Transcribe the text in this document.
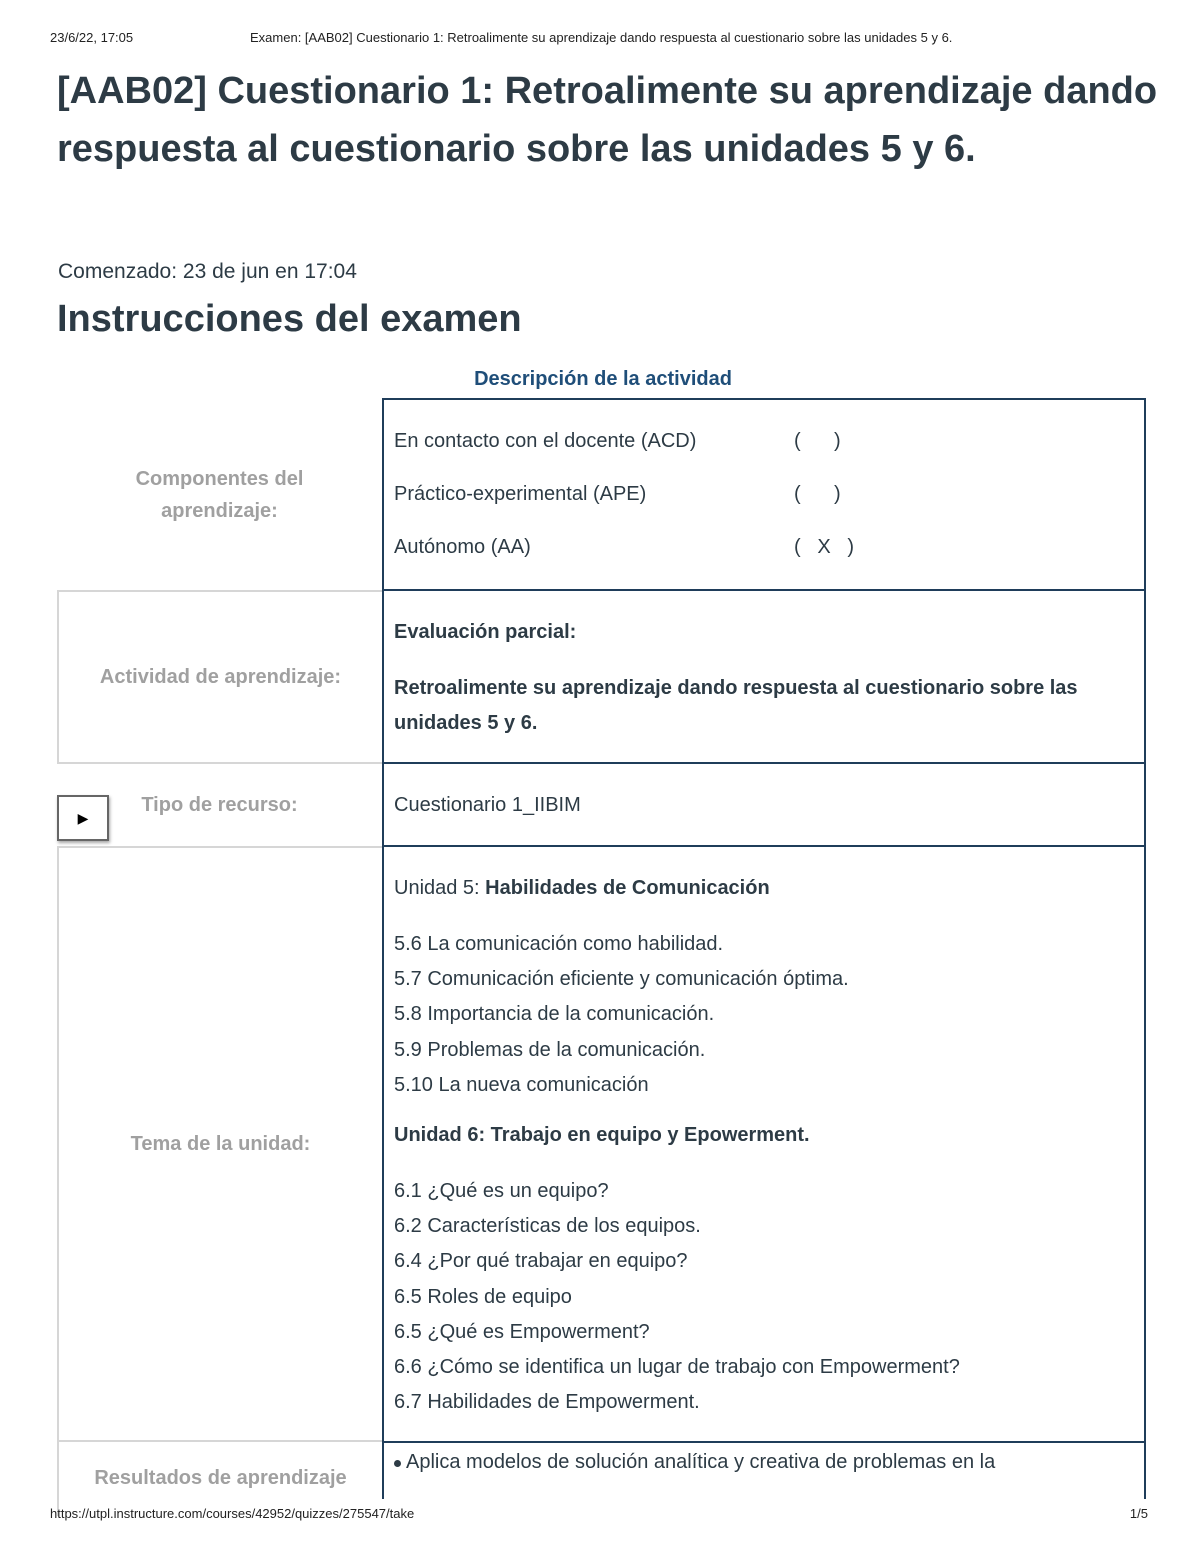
23/6/22, 17:05	Examen: [AAB02] Cuestionario 1: Retroalimente su aprendizaje dando respuesta al cuestionario sobre las unidades 5 y 6.
[AAB02] Cuestionario 1: Retroalimente su aprendizaje dando respuesta al cuestionario sobre las unidades 5 y 6.
Comenzado: 23 de jun en 17:04
Instrucciones del examen
Descripción de la actividad
Componentes del aprendizaje:
En contacto con el docente (ACD)	(      )
Práctico-experimental (APE)	(      )
Autónomo (AA)	(   X   )
Actividad de aprendizaje:
Evaluación parcial:
Retroalimente su aprendizaje dando respuesta al cuestionario sobre las unidades 5 y 6.
Tipo de recurso:
▶
Cuestionario 1_IIBIM
Tema de la unidad:
Unidad 5: Habilidades de Comunicación
5.6 La comunicación como habilidad.
5.7 Comunicación eficiente y comunicación óptima.
5.8 Importancia de la comunicación.
5.9 Problemas de la comunicación.
5.10 La nueva comunicación
Unidad 6: Trabajo en equipo y Epowerment.
6.1 ¿Qué es un equipo?
6.2 Características de los equipos.
6.4 ¿Por qué trabajar en equipo?
6.5 Roles de equipo
6.5 ¿Qué es Empowerment?
6.6 ¿Cómo se identifica un lugar de trabajo con Empowerment?
6.7 Habilidades de Empowerment.
Resultados de aprendizaje
Aplica modelos de solución analítica y creativa de problemas en la
https://utpl.instructure.com/courses/42952/quizzes/275547/take	1/5
